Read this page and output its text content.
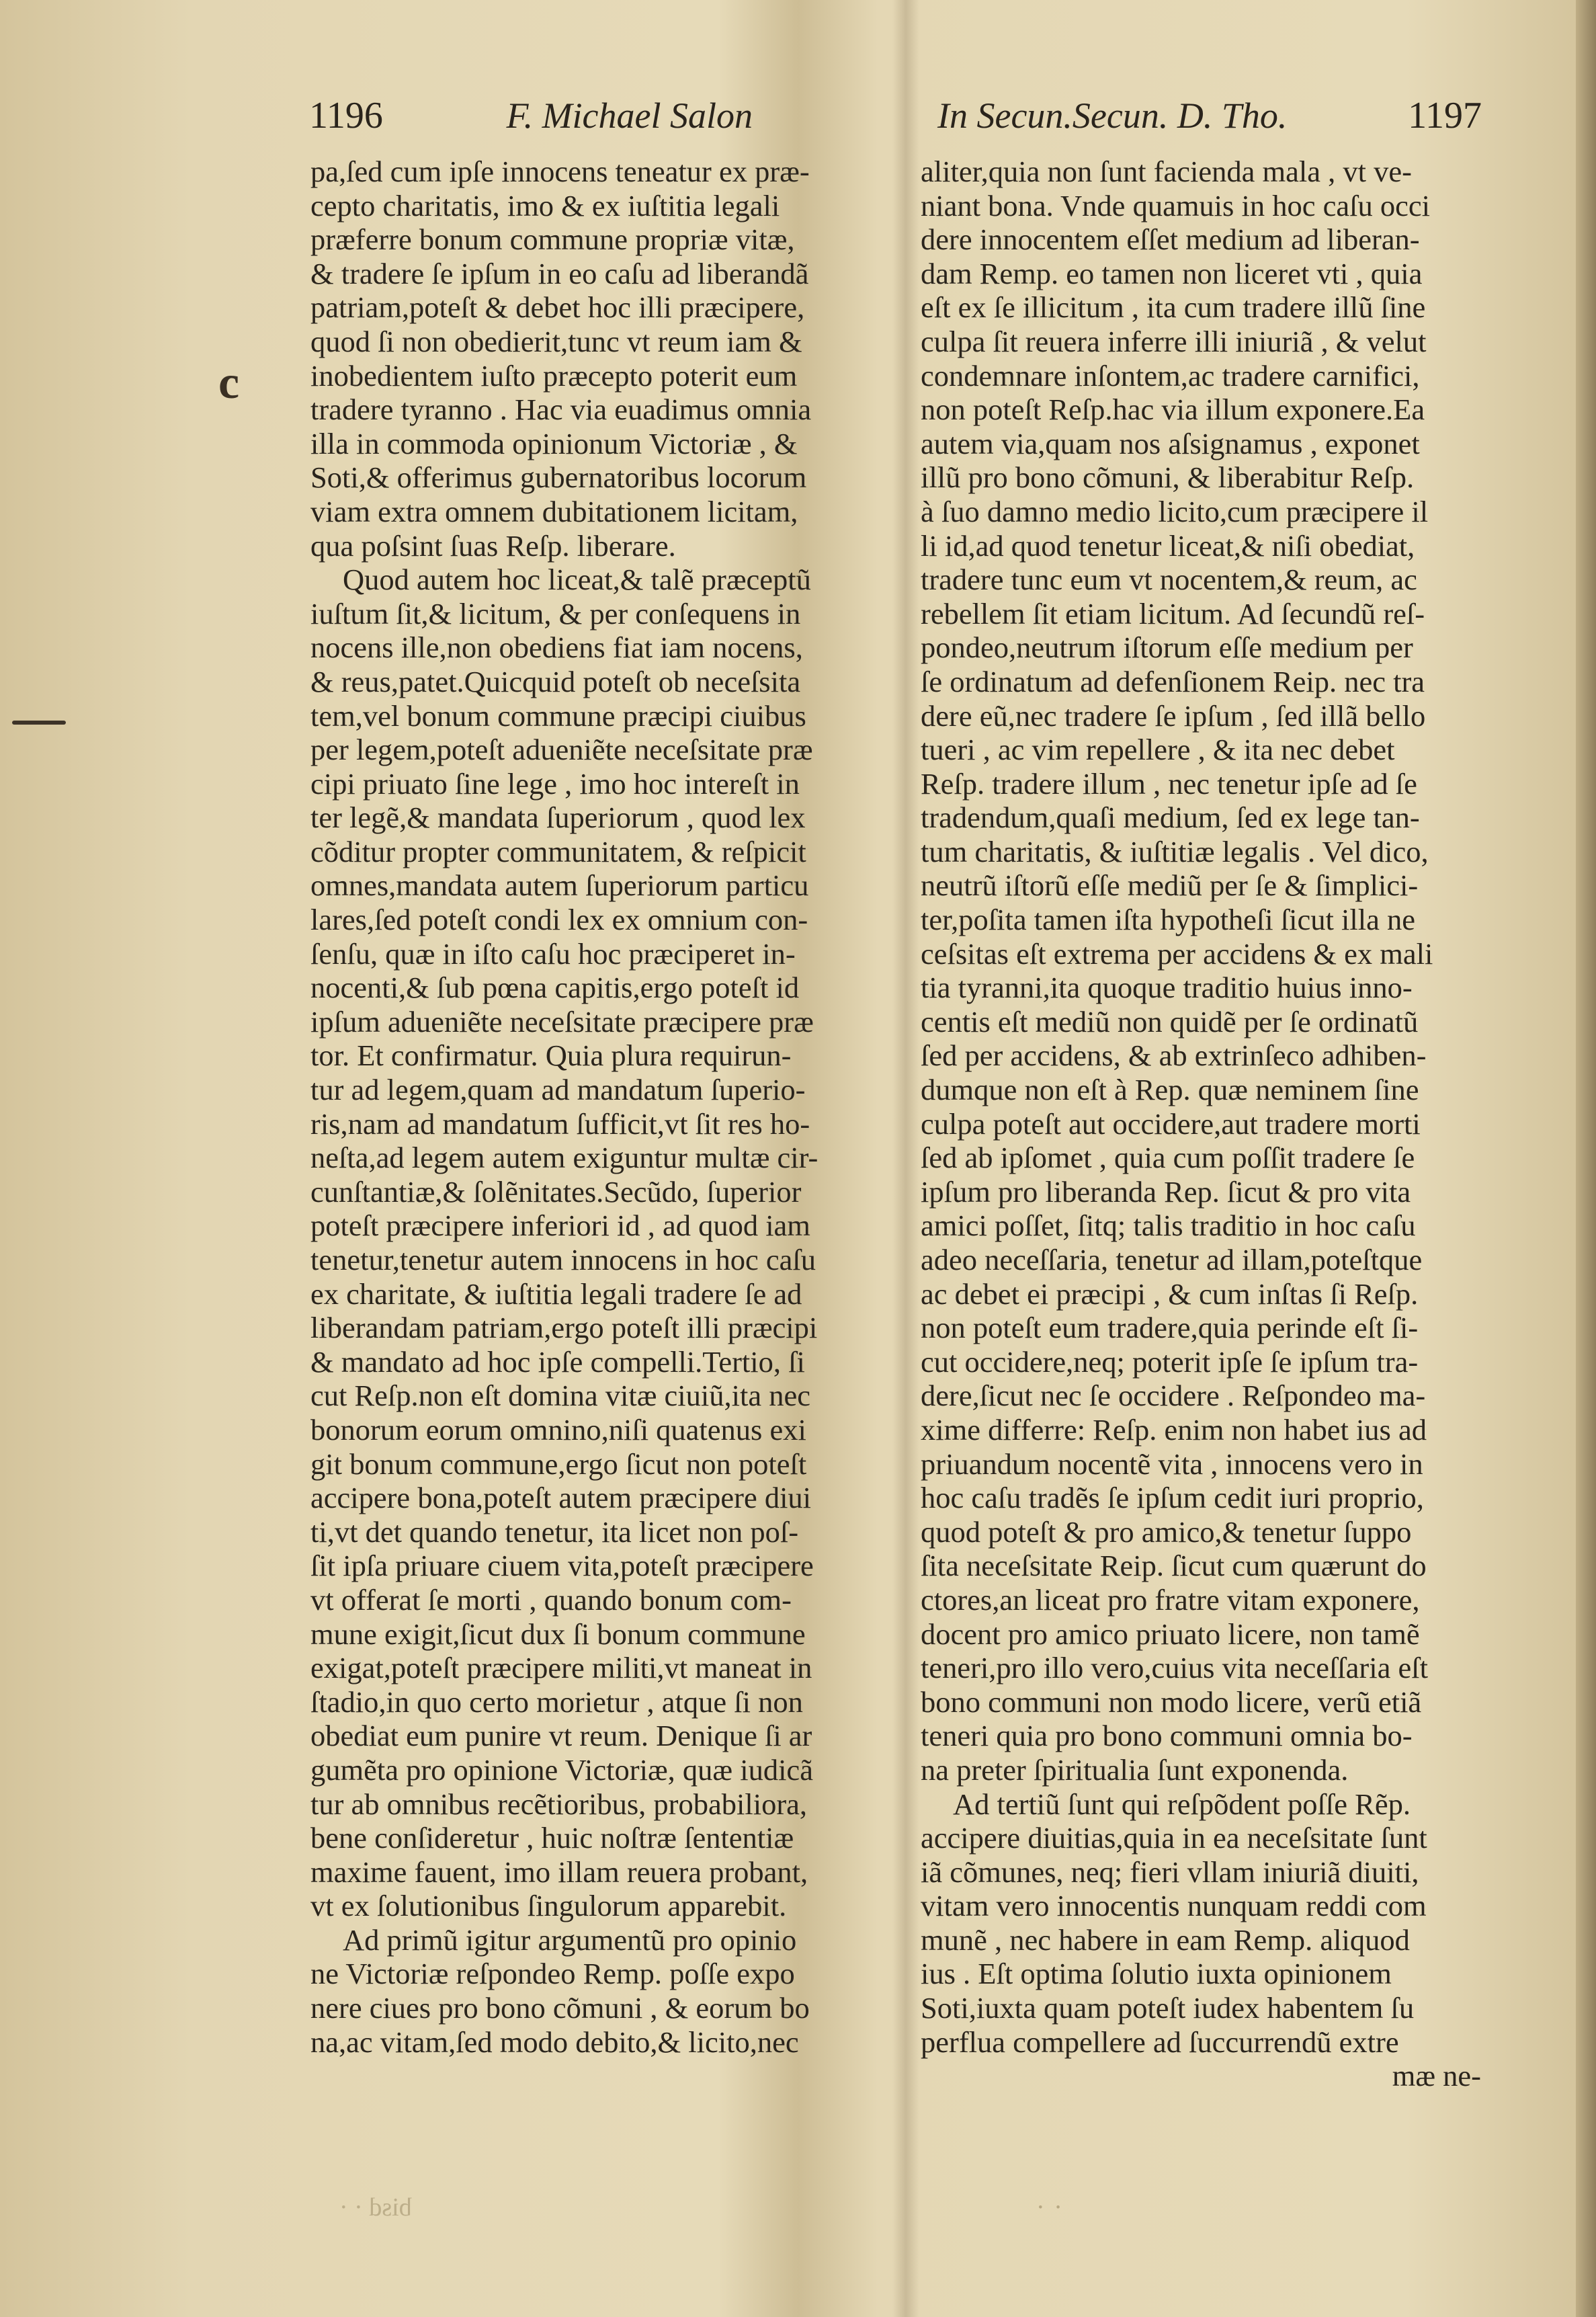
c
1196	F. Michael Salon	In Secun.Secun. D. Tho.	1197
pa,ſed cum ipſe innocens teneatur ex præ-
cepto charitatis, imo & ex iuſtitia legali
præferre bonum commune propriæ vitæ,
& tradere ſe ipſum in eo caſu ad liberandã
patriam,poteſt & debet hoc illi præcipere,
quod ſi non obedierit,tunc vt reum iam &
inobedientem iuſto præcepto poterit eum
tradere tyranno . Hac via euadimus omnia
illa in commoda opinionum Victoriæ , &
Soti,& offerimus gubernatoribus locorum
viam extra omnem dubitationem licitam,
qua poſsint ſuas Reſp. liberare.
Quod autem hoc liceat,& talẽ præceptũ
iuſtum ſit,& licitum, & per conſequens in
nocens ille,non obediens fiat iam nocens,
& reus,patet.Quicquid poteſt ob neceſsita
tem,vel bonum commune præcipi ciuibus
per legem,poteſt adueniẽte neceſsitate præ
cipi priuato ſine lege , imo hoc intereſt in
ter legẽ,& mandata ſuperiorum , quod lex
cõditur propter communitatem, & reſpicit
omnes,mandata autem ſuperiorum particu
lares,ſed poteſt condi lex ex omnium con-
ſenſu, quæ in iſto caſu hoc præciperet in-
nocenti,& ſub pœna capitis,ergo poteſt id
ipſum adueniẽte neceſsitate præcipere præ
tor. Et confirmatur. Quia plura requirun-
tur ad legem,quam ad mandatum ſuperio-
ris,nam ad mandatum ſufficit,vt ſit res ho-
neſta,ad legem autem exiguntur multæ cir-
cunſtantiæ,& ſolẽnitates.Secũdo, ſuperior
poteſt præcipere inferiori id , ad quod iam
tenetur,tenetur autem innocens in hoc caſu
ex charitate, & iuſtitia legali tradere ſe ad
liberandam patriam,ergo poteſt illi præcipi
& mandato ad hoc ipſe compelli.Tertio, ſi
cut Reſp.non eſt domina vitæ ciuiũ,ita nec
bonorum eorum omnino,niſi quatenus exi
git bonum commune,ergo ſicut non poteſt
accipere bona,poteſt autem præcipere diui
ti,vt det quando tenetur, ita licet non poſ-
ſit ipſa priuare ciuem vita,poteſt præcipere
vt offerat ſe morti , quando bonum com-
mune exigit,ſicut dux ſi bonum commune
exigat,poteſt præcipere militi,vt maneat in
ſtadio,in quo certo morietur , atque ſi non
obediat eum punire vt reum. Denique ſi ar
gumẽta pro opinione Victoriæ, quæ iudicã
tur ab omnibus recẽtioribus, probabiliora,
bene conſideretur , huic noſtræ ſententiæ
maxime fauent, imo illam reuera probant,
vt ex ſolutionibus ſingulorum apparebit.
Ad primũ igitur argumentũ pro opinio
ne Victoriæ reſpondeo Remp. poſſe expo
nere ciues pro bono cõmuni , & eorum bo
na,ac vitam,ſed modo debito,& licito,nec
aliter,quia non ſunt facienda mala , vt ve-
niant bona. Vnde quamuis in hoc caſu occi
dere innocentem eſſet medium ad liberan-
dam Remp. eo tamen non liceret vti , quia
eſt ex ſe illicitum , ita cum tradere illũ ſine
culpa ſit reuera inferre illi iniuriã , & velut
condemnare inſontem,ac tradere carnifici,
non poteſt Reſp.hac via illum exponere.Ea
autem via,quam nos aſsignamus , exponet
illũ pro bono cõmuni, & liberabitur Reſp.
à ſuo damno medio licito,cum præcipere il
li id,ad quod tenetur liceat,& niſi obediat,
tradere tunc eum vt nocentem,& reum, ac
rebellem ſit etiam licitum. Ad ſecundũ reſ-
pondeo,neutrum iſtorum eſſe medium per
ſe ordinatum ad defenſionem Reip. nec tra
dere eũ,nec tradere ſe ipſum , ſed illã bello
tueri , ac vim repellere , & ita nec debet
Reſp. tradere illum , nec tenetur ipſe ad ſe
tradendum,quaſi medium, ſed ex lege tan-
tum charitatis, & iuſtitiæ legalis . Vel dico,
neutrũ iſtorũ eſſe mediũ per ſe & ſimplici-
ter,poſita tamen iſta hypotheſi ſicut illa ne
ceſsitas eſt extrema per accidens & ex mali
tia tyranni,ita quoque traditio huius inno-
centis eſt mediũ non quidẽ per ſe ordinatũ
ſed per accidens, & ab extrinſeco adhiben-
dumque non eſt à Rep. quæ neminem ſine
culpa poteſt aut occidere,aut tradere morti
ſed ab ipſomet , quia cum poſſit tradere ſe
ipſum pro liberanda Rep. ſicut & pro vita
amici poſſet, ſitq; talis traditio in hoc caſu
adeo neceſſaria, tenetur ad illam,poteſtque
ac debet ei præcipi , & cum inſtas ſi Reſp.
non poteſt eum tradere,quia perinde eſt ſi-
cut occidere,neq; poterit ipſe ſe ipſum tra-
dere,ſicut nec ſe occidere . Reſpondeo ma-
xime differre: Reſp. enim non habet ius ad
priuandum nocentẽ vita , innocens vero in
hoc caſu tradẽs ſe ipſum cedit iuri proprio,
quod poteſt & pro amico,& tenetur ſuppo
ſita neceſsitate Reip. ſicut cum quærunt do
ctores,an liceat pro fratre vitam exponere,
docent pro amico priuato licere, non tamẽ
teneri,pro illo vero,cuius vita neceſſaria eſt
bono communi non modo licere, verũ etiã
teneri quia pro bono communi omnia bo-
na preter ſpiritualia ſunt exponenda.
Ad tertiũ ſunt qui reſpõdent poſſe Rẽp.
accipere diuitias,quia in ea neceſsitate ſunt
iã cõmunes, neq; fieri vllam iniuriã diuiti,
vitam vero innocentis nunquam reddi com
munẽ , nec habere in eam Remp. aliquod
ius . Eſt optima ſolutio iuxta opinionem
Soti,iuxta quam poteſt iudex habentem ſu
perflua compellere ad ſuccurrendũ extre
mæ ne-
bisd · ·	· ·
